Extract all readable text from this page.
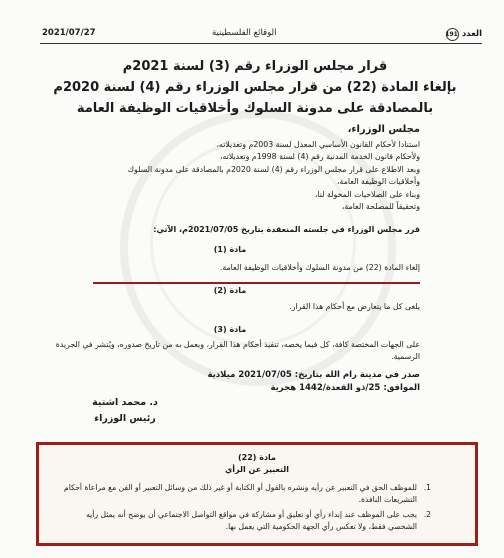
العدد 191
الوقائع الفلسطينية
2021/07/27
قرار مجلس الوزراء رقم (3) لسنة 2021م
بإلغاء المادة (22) من قرار مجلس الوزراء رقم (4) لسنة 2020م
بالمصادقة على مدونة السلوك وأخلاقيات الوظيفة العامة
مجلس الوزراء،
استنادا لأحكام القانون الأساسي المعدل لسنة 2003م وتعديلاته،
ولأحكام قانون الخدمة المدنية رقم (4) لسنة 1998م وتعديلاته،
وبعد الاطلاع على قرار مجلس الوزراء رقم (4) لسنة 2020م بالمصادقة على مدونة السلوك
وأخلاقيات الوظيفة العامة،
وبناء على الصلاحيات المخولة لنا،
وتحقيقاً للمصلحة العامة،
قرر مجلس الوزراء في جلسته المنعقدة بتاريخ 2021/07/05م، الآتي:
مادة (1)
إلغاء المادة (22) من مدونة السلوك وأخلاقيات الوظيفة العامة.
مادة (2)
يلغى كل ما يتعارض مع أحكام هذا القرار.
مادة (3)
على الجهات المختصة كافة، كل فيما يخصه، تنفيذ أحكام هذا القرار، ويعمل به من تاريخ صدوره، ويُنشر في الجريدة الرسمية.
صدر في مدينة رام الله بتاريخ: 2021/07/05 ميلادية
الموافق: 25/ذو القعدة/1442 هجرية
د. محمد اشتية
رئيس الوزراء
مادة (22)
التعبير عن الرأي
1.
للموظف الحق في التعبير عن رأيه ونشره بالقول أو الكتابة أو غير ذلك من وسائل التعبير أو الفن مع مراعاة أحكام التشريعات النافذة.
2.
يجب على الموظف عند إبداء رأي أو تعليق أو مشاركة في مواقع التواصل الاجتماعي أن يوضح أنه يمثل رأيه الشخصي فقط، ولا تعكس رأي الجهة الحكومية التي يعمل بها.
